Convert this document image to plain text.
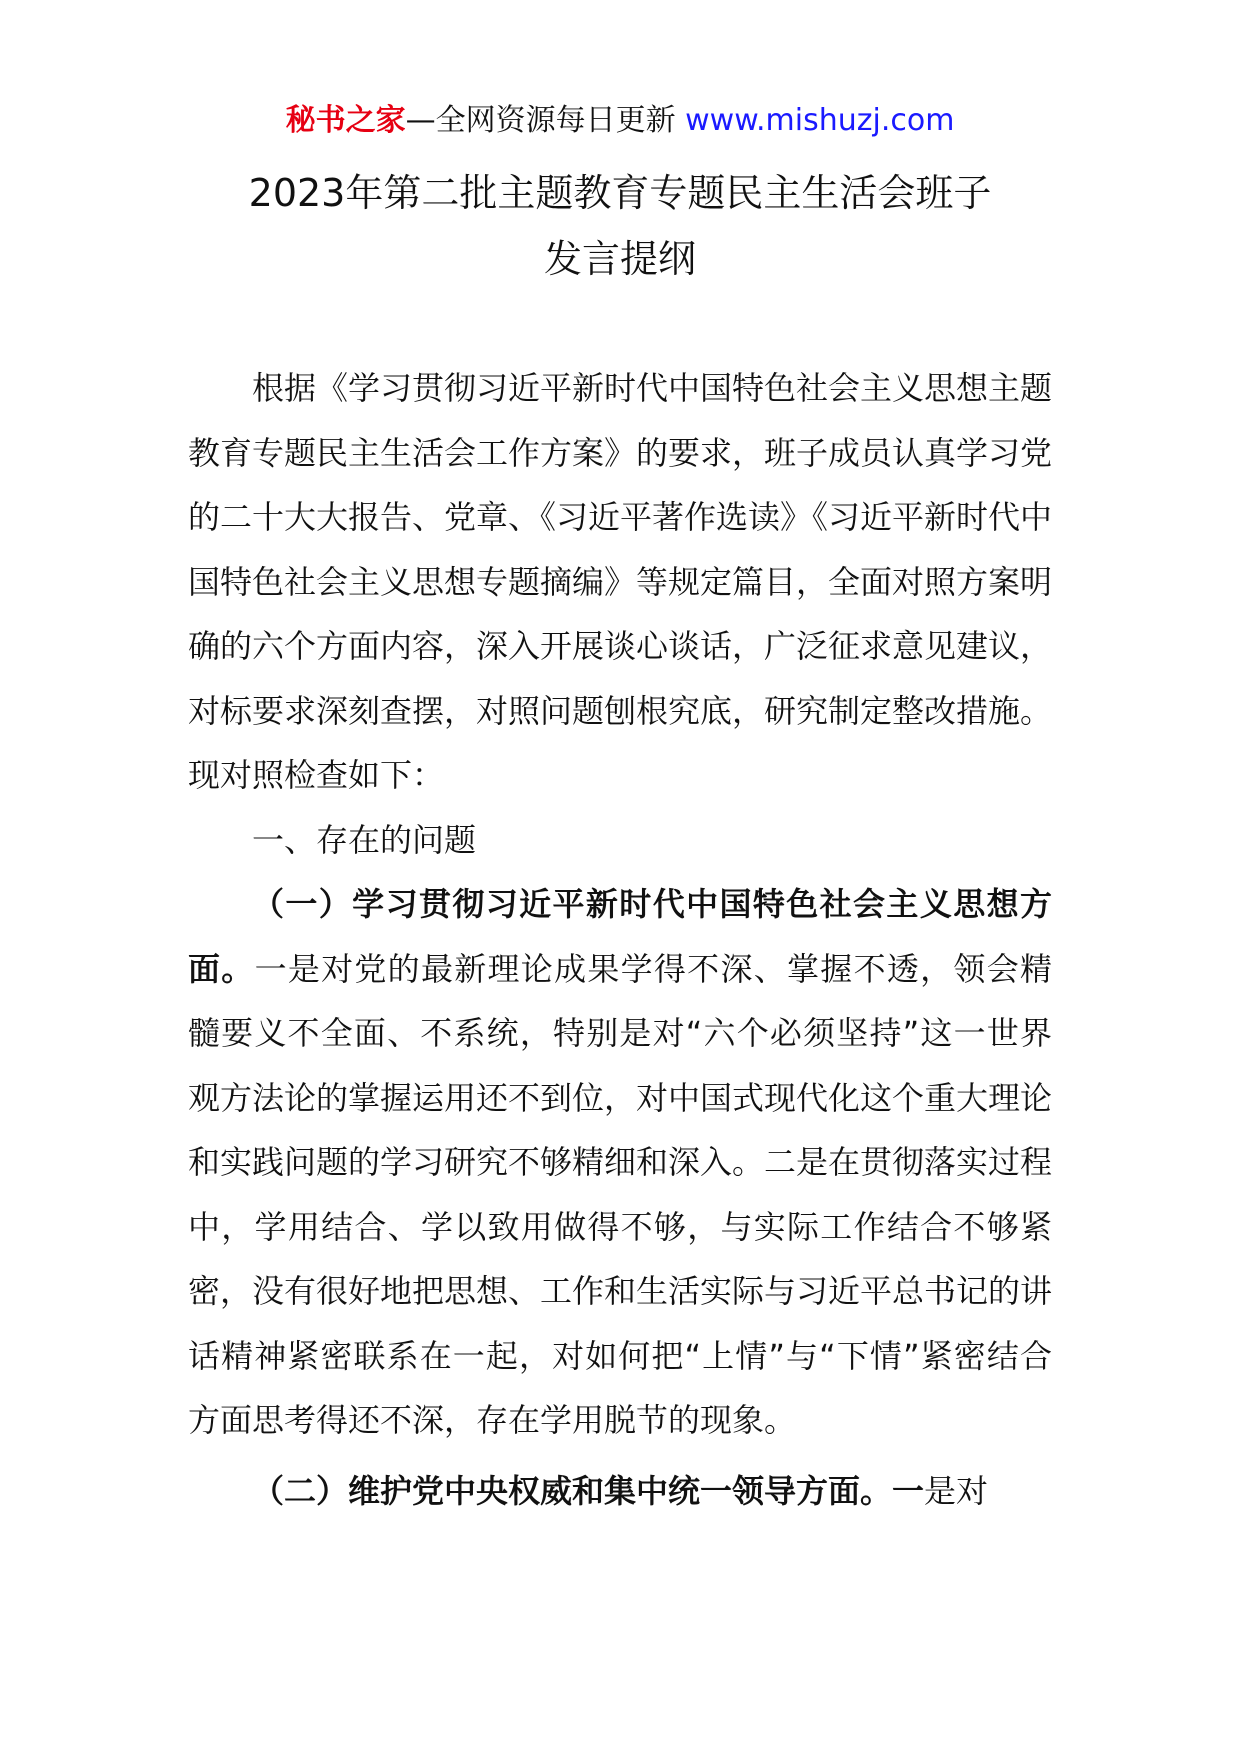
秘书之家—全网资源每日更新 www.mishuzj.com
2023年第二批主题教育专题民主生活会班子
发言提纲

根据《学习贯彻习近平新时代中国特色社会主义思想主题教育专题民主生活会工作方案》的要求，班子成员认真学习党的二十大大报告、党章、《习近平著作选读》《习近平新时代中国特色社会主义思想专题摘编》等规定篇目，全面对照方案明确的六个方面内容，深入开展谈心谈话，广泛征求意见建议，对标要求深刻查摆，对照问题刨根究底，研究制定整改措施。现对照检查如下：

一、存在的问题

（一）学习贯彻习近平新时代中国特色社会主义思想方面。一是对党的最新理论成果学得不深、掌握不透，领会精髓要义不全面、不系统，特别是对“六个必须坚持”这一世界观方法论的掌握运用还不到位，对中国式现代化这个重大理论和实践问题的学习研究不够精细和深入。二是在贯彻落实过程中，学用结合、学以致用做得不够，与实际工作结合不够紧密，没有很好地把思想、工作和生活实际与习近平总书记的讲话精神紧密联系在一起，对如何把“上情”与“下情”紧密结合方面思考得还不深，存在学用脱节的现象。

（二）维护党中央权威和集中统一领导方面。一是对
